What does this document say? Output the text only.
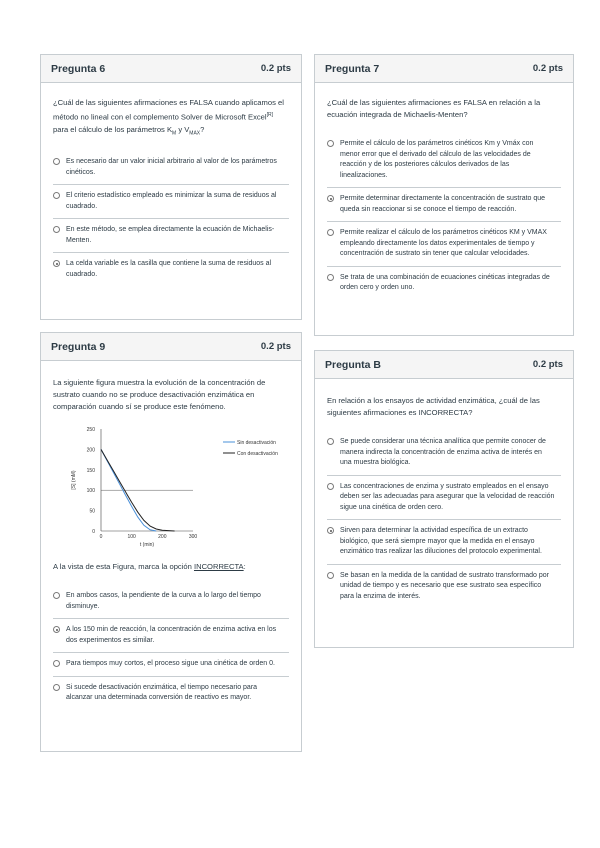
Pregunta 6	0.2 pts
¿Cuál de las siguientes afirmaciones es FALSA cuando aplicamos el método no lineal con el complemento Solver de Microsoft Excel[R] para el cálculo de los parámetros $K_M$ y $V_{MAX}$?
Es necesario dar un valor inicial arbitrario al valor de los parámetros cinéticos.
El criterio estadístico empleado es minimizar la suma de residuos al cuadrado.
En este método, se emplea directamente la ecuación de Michaelis-Menten.
La celda variable es la casilla que contiene la suma de residuos al cuadrado.
Pregunta 7	0.2 pts
¿Cuál de las siguientes afirmaciones es FALSA en relación a la ecuación integrada de Michaelis-Menten?
Permite el cálculo de los parámetros cinéticos Km y Vmáx con menor error que el derivado del cálculo de las velocidades de reacción y de los posteriores cálculos derivados de las linealizaciones.
Permite determinar directamente la concentración de sustrato que queda sin reaccionar si se conoce el tiempo de reacción.
Permite realizar el cálculo de los parámetros cinéticos KM y VMAX empleando directamente los datos experimentales de tiempo y concentración de sustrato sin tener que calcular velocidades.
Se trata de una combinación de ecuaciones cinéticas integradas de orden cero y orden uno.
Pregunta 9	0.2 pts
La siguiente figura muestra la evolución de la concentración de sustrato cuando no se produce desactivación enzimática en comparación cuando sí se produce este fenómeno.
0
50
100
150
200
250
0	100	200	300
t (min)
[S] (mM)
Sin desactivación
Con desactivación
A la vista de esta Figura, marca la opción INCORRECTA:
En ambos casos, la pendiente de la curva a lo largo del tiempo disminuye.
A los 150 min de reacción, la concentración de enzima activa en los dos experimentos es similar.
Para tiempos muy cortos, el proceso sigue una cinética de orden 0.
Si sucede desactivación enzimática, el tiempo necesario para alcanzar una determinada conversión de reactivo es mayor.
Pregunta B	0.2 pts
En relación a los ensayos de actividad enzimática, ¿cuál de las siguientes afirmaciones es INCORRECTA?
Se puede considerar una técnica analítica que permite conocer de manera indirecta la concentración de enzima activa de interés en una muestra biológica.
Las concentraciones de enzima y sustrato empleados en el ensayo deben ser las adecuadas para asegurar que la velocidad de reacción sigue una cinética de orden cero.
Sirven para determinar la actividad específica de un extracto biológico, que será siempre mayor que la medida en el ensayo enzimático tras realizar las diluciones del protocolo experimental.
Se basan en la medida de la cantidad de sustrato transformado por unidad de tiempo y es necesario que ese sustrato sea específico para la enzima de interés.
